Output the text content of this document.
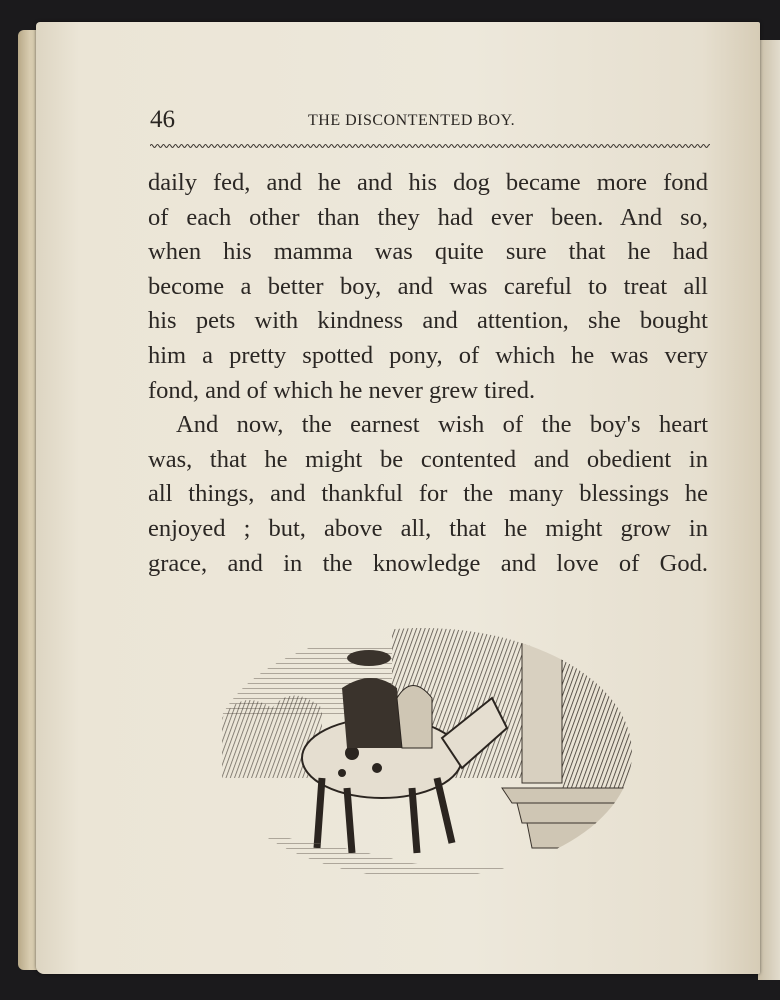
46	THE DISCONTENTED BOY.
daily fed, and he and his dog became more fond
of each other than they had ever been. And so,
when his mamma was quite sure that he had
become a better boy, and was careful to treat all
his pets with kindness and attention, she bought
him a pretty spotted pony, of which he was very
fond, and of which he never grew tired.
And now, the earnest wish of the boy's heart
was, that he might be contented and obedient in
all things, and thankful for the many blessings he
enjoyed ; but, above all, that he might grow in
grace, and in the knowledge and love of God.
